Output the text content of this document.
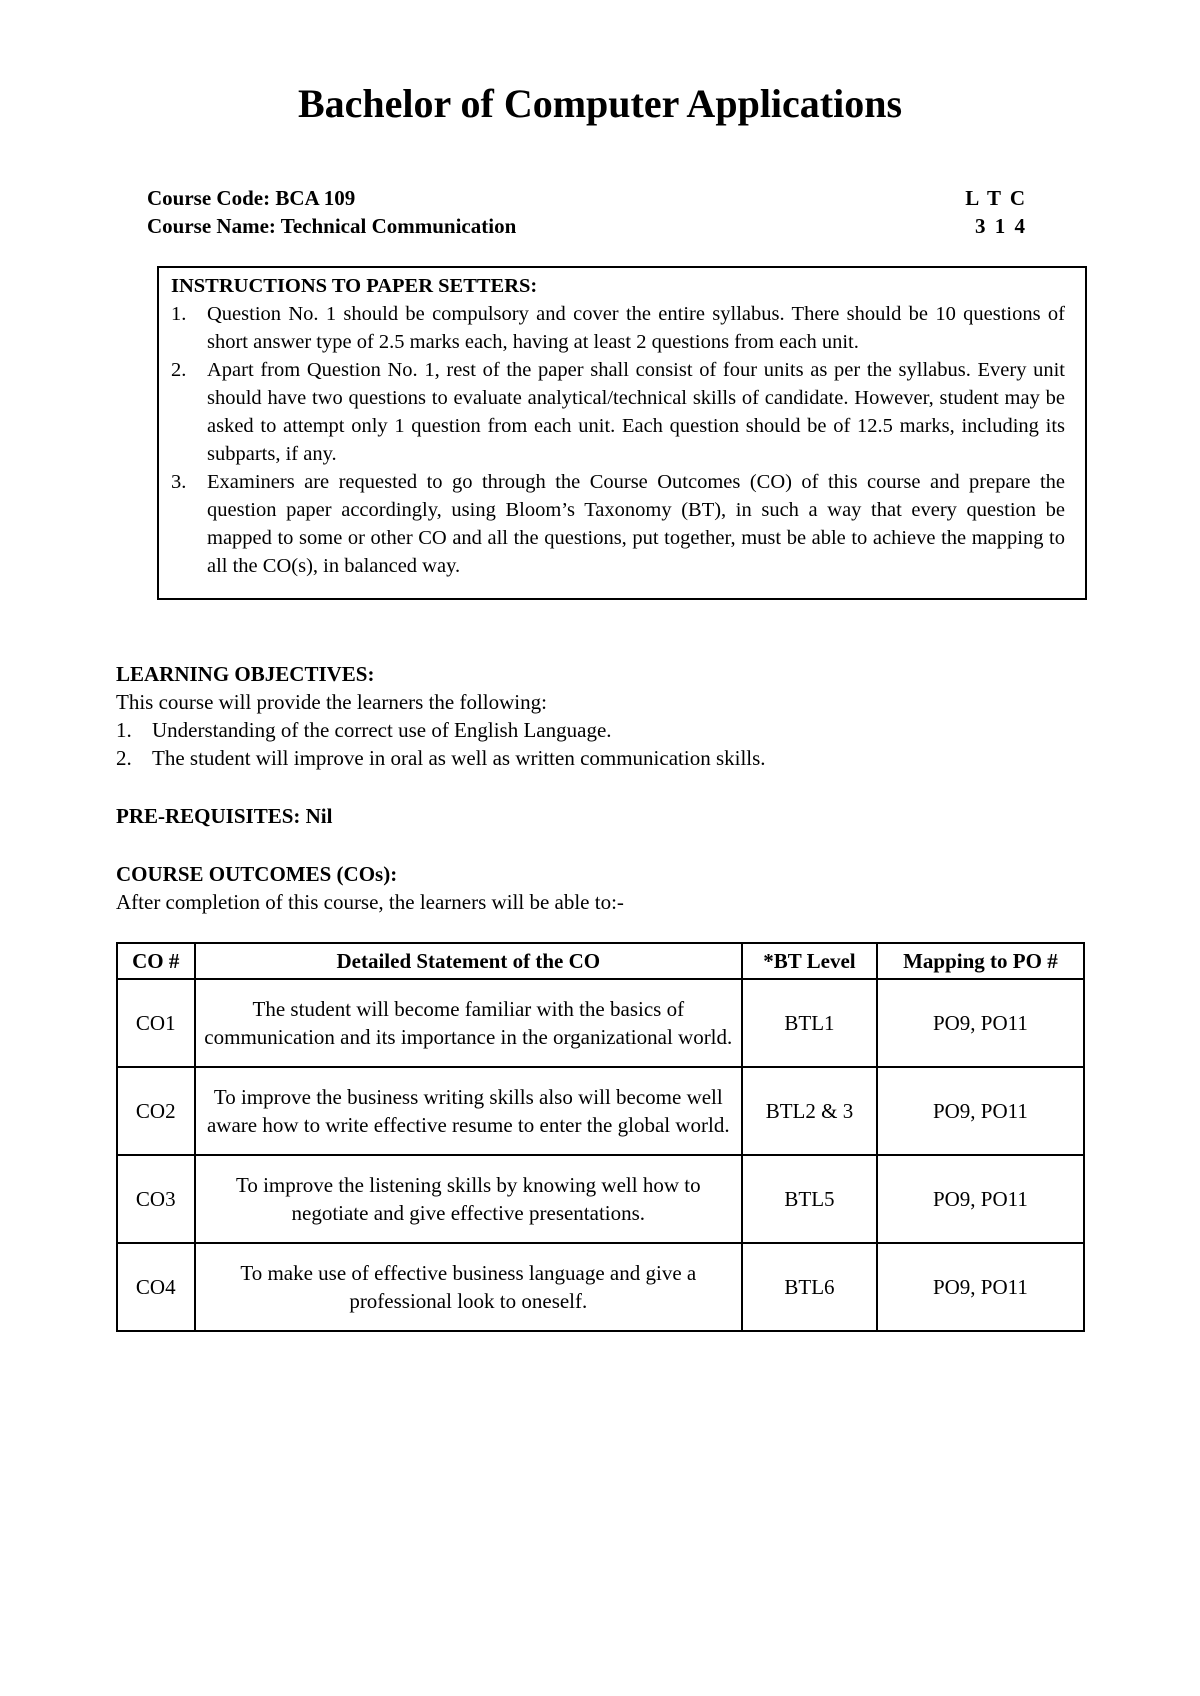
Bachelor of Computer Applications
Course Code: BCA 109	L T C
Course Name: Technical Communication	3 1 4
INSTRUCTIONS TO PAPER SETTERS:
1. Question No. 1 should be compulsory and cover the entire syllabus. There should be 10 questions of short answer type of 2.5 marks each, having at least 2 questions from each unit.
2. Apart from Question No. 1, rest of the paper shall consist of four units as per the syllabus. Every unit should have two questions to evaluate analytical/technical skills of candidate. However, student may be asked to attempt only 1 question from each unit. Each question should be of 12.5 marks, including its subparts, if any.
3. Examiners are requested to go through the Course Outcomes (CO) of this course and prepare the question paper accordingly, using Bloom’s Taxonomy (BT), in such a way that every question be mapped to some or other CO and all the questions, put together, must be able to achieve the mapping to all the CO(s), in balanced way.
LEARNING OBJECTIVES:
This course will provide the learners the following:
1. Understanding of the correct use of English Language.
2. The student will improve in oral as well as written communication skills.
PRE-REQUISITES: Nil
COURSE OUTCOMES (COs):
After completion of this course, the learners will be able to:-
CO #	Detailed Statement of the CO	*BT Level	Mapping to PO #
CO1	The student will become familiar with the basics of communication and its importance in the organizational world.	BTL1	PO9, PO11
CO2	To improve the business writing skills also will become well aware how to write effective resume to enter the global world.	BTL2 & 3	PO9, PO11
CO3	To improve the listening skills by knowing well how to negotiate and give effective presentations.	BTL5	PO9, PO11
CO4	To make use of effective business language and give a professional look to oneself.	BTL6	PO9, PO11
